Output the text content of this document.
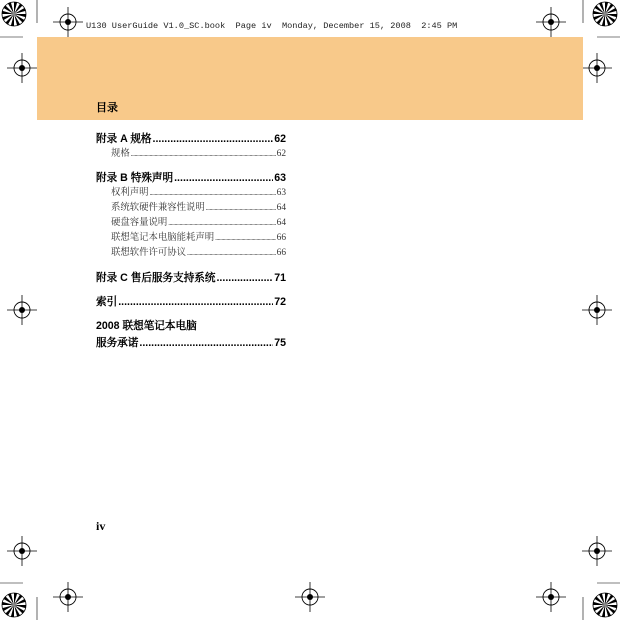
U130 UserGuide V1.0_SC.book  Page iv  Monday, December 15, 2008  2:45 PM
目录
附录 A 规格 .....	62
规格 .....	62
附录 B 特殊声明 .....	63
权利声明 .....	63
系统软硬件兼容性说明 .....	64
硬盘容量说明 .....	64
联想笔记本电脑能耗声明 .....	66
联想软件许可协议 .....	66
附录 C 售后服务支持系统 .....	71
索引 .....	72
2008 联想笔记本电脑
服务承诺 .....	75
iv
